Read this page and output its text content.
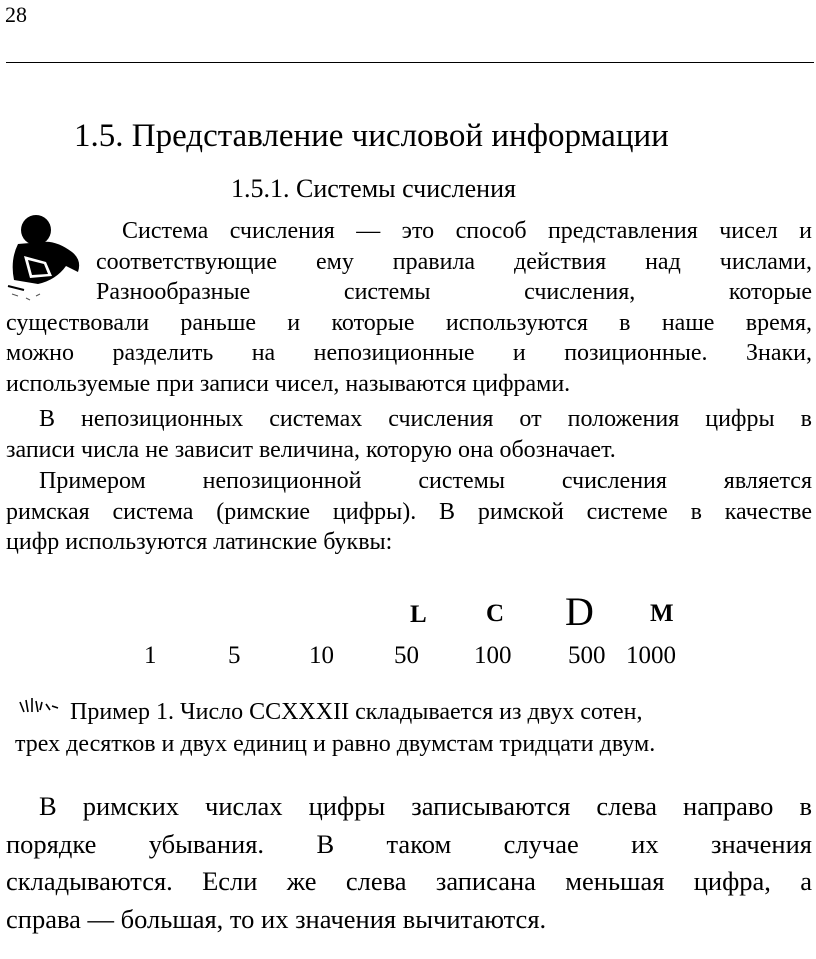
28
1.5. Представление числовой информации
1.5.1. Системы счисления
Система счисления — это способ представления чисел и
соответствующие ему правила действия над числами,
Разнообразные системы счисления, которые
существовали раньше и которые используются в наше время,
можно разделить на непозиционные и позиционные. Знаки,
используемые при записи чисел, называются цифрами.
В непозиционных системах счисления от положения цифры в
записи числа не зависит величина, которую она обозначает.
Примером непозиционной системы счисления является
римская система (римские цифры). В римской системе в качестве
цифр используются латинские буквы:
L C D M
1	5	10 50 100 500 1000
Пример 1. Число CCXXXII складывается из двух сотен,
трех десятков и двух единиц и равно двумстам тридцати двум.
В римских числах цифры записываются слева направо в
порядке убывания. В таком случае их значения
складываются. Если же слева записана меньшая цифра, а
справа — большая, то их значения вычитаются.
